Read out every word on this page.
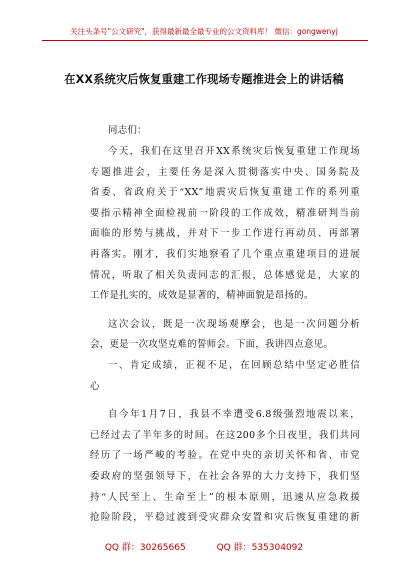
关注头条号"公文研究"，获得最新最全最专业的公文资料库！ 微信：gongwenyj
在XX系统灾后恢复重建工作现场专题推进会上的讲话稿
同志们：
今天，我们在这里召开XX系统灾后恢复重建工作现场
专题推进会，主要任务是深入贯彻落实中央、国务院及
省委、省政府关于“XX”地震灾后恢复重建工作的系列重
要指示精神全面检视前一阶段的工作成效，精准研判当前
面临的形势与挑战，并对下一步工作进行再动员、再部署
再落实。刚才，我们实地察看了几个重点重建项目的进展
情况，听取了相关负责同志的汇报，总体感觉是，大家的
工作是扎实的，成效是显著的，精神面貌是昂扬的。
这次会议，既是一次现场观摩会，也是一次问题分析
会，更是一次攻坚克难的誓师会。下面，我讲四点意见。
一、肯定成绩，正视不足，在回顾总结中坚定必胜信
心
自今年1月7日，我县不幸遭受6.8级强烈地震以来，
已经过去了半年多的时间。在这200多个日夜里，我们共同
经历了一场严峻的考验。在党中央的亲切关怀和省、市党
委政府的坚强领导下，在社会各界的大力支持下，我们坚
持“人民至上、生命至上”的根本原则，迅速从应急救援
抢险阶段，平稳过渡到受灾群众安置和灾后恢复重建的新
QQ 群：30265665	QQ 群：535304092
